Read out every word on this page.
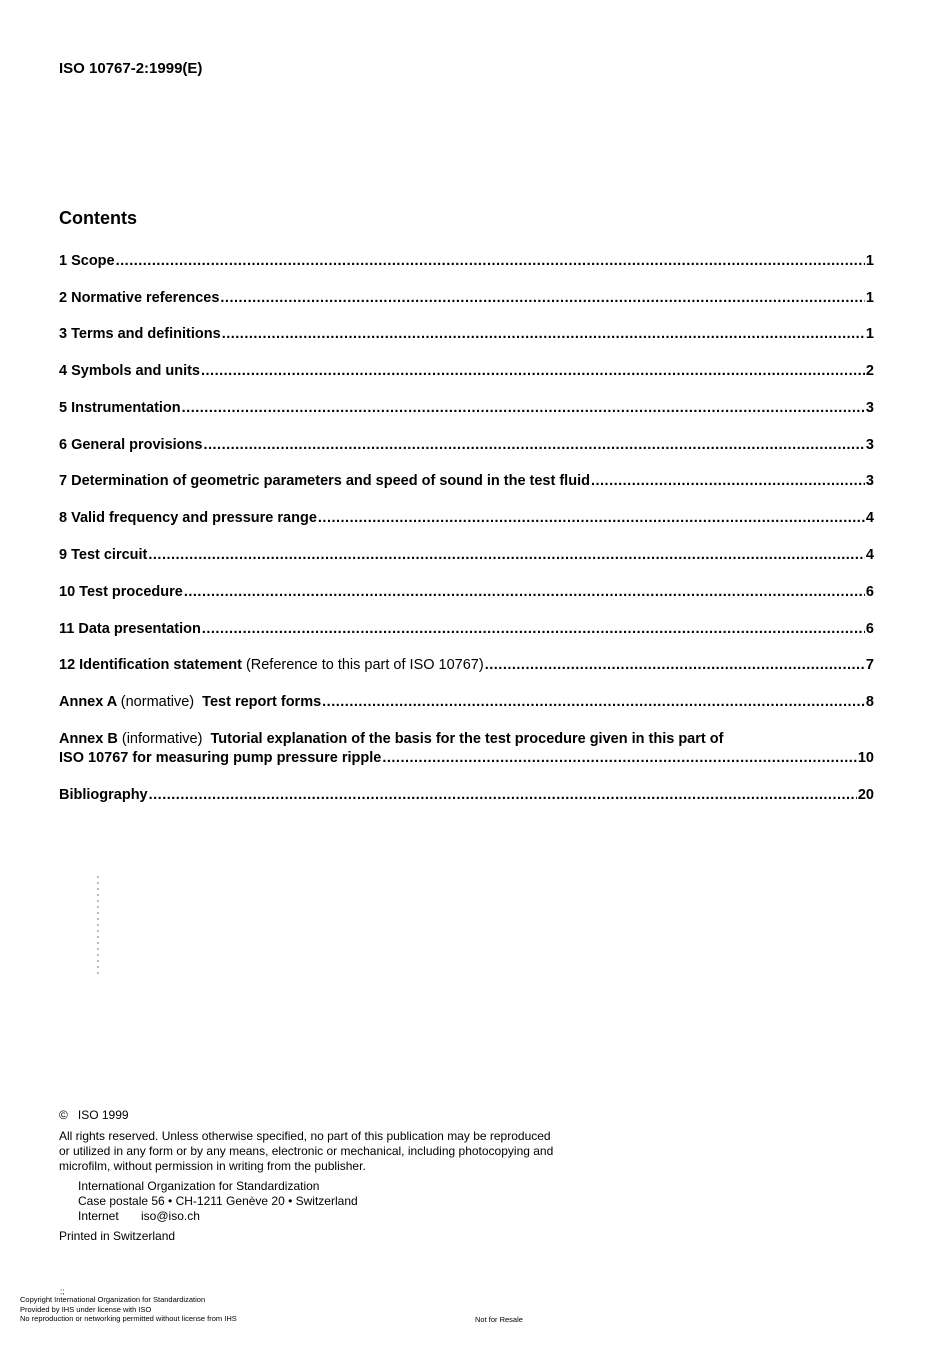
ISO 10767-2:1999(E)
Contents
1 Scope .....	1
2 Normative references .....	1
3 Terms and definitions .....	1
4 Symbols and units .....	2
5 Instrumentation .....	3
6 General provisions .....	3
7 Determination of geometric parameters and speed of sound in the test fluid .....	3
8 Valid frequency and pressure range .....	4
9 Test circuit .....	4
10 Test procedure .....	6
11 Data presentation .....	6
12 Identification statement (Reference to this part of ISO 10767) .....	7
Annex A (normative) Test report forms .....	8
Annex B (informative) Tutorial explanation of the basis for the test procedure given in this part of
ISO 10767 for measuring pump pressure ripple .....	10
Bibliography .....	20

© ISO 1999

All rights reserved. Unless otherwise specified, no part of this publication may be reproduced
or utilized in any form or by any means, electronic or mechanical, including photocopying and
microfilm, without permission in writing from the publisher.

International Organization for Standardization
Case postale 56 • CH-1211 Genève 20 • Switzerland
Internet iso@iso.ch

Printed in Switzerland

:;

Copyright International Organization for Standardization

Provided by IHS under license with ISO

No reproduction or networking permitted without license from IHS	Not for Resale
